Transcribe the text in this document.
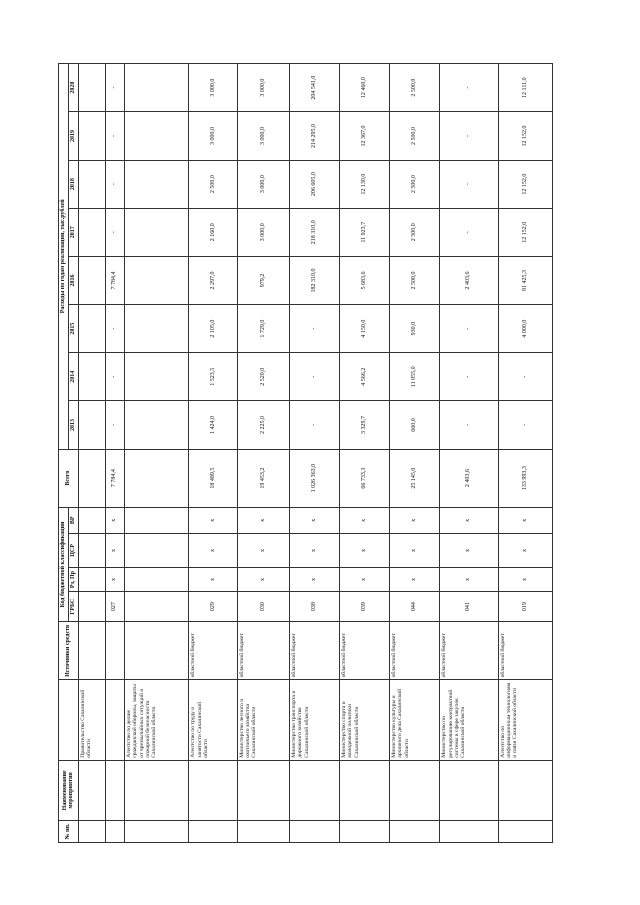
№ пп.	Наименование мероприятия		Источники средств	Код бюджетной классификации				Всего	Расходы по годам реализации, тыс.рублей							
				ГРБС	Рз, Пр	ЦСР	ВР		2013	2014	2015	2016	2017	2018	2019	2020
		Правительство Сахалинской области														
				027	х	х	х	7 784,4	-	-	-	7 784,4	-	-	-	-
		Агентство по делам гражданской обороны, защиты от чрезвычайных ситуаций и пожарной безопасности Сахалинской области														
		Агентство по труду и занятости Сахалинской области	областной бюджет	029	х	х	х	18 489,5	1 424,0	1 523,5	2 105,0	2 297,0	2 160,0	2 500,0	3 000,0	3 000,0
		Министерство лесного и охотничьего хозяйства Сахалинской области	областной бюджет	030	х	х	х	19 453,2	2 225,0	2 520,0	1 729,0	979,2	3 000,0	3 000,0	3 000,0	3 000,0
		Министерство транспорта и дорожного хозяйства Сахалинской области	областной бюджет	038	х	х	х	1 026 363,0	-	-	-	182 310,0	218 310,0	206 605,0	214 295,0	204 541,0
		Министерство спорта и молодежной политики Сахалинской области	областной бюджет	039	х	х	х	66 733,3	3 329,7	4 566,2	4 150,0	5 683,6	11 923,7	12 130,0	12 367,0	12 460,0
		Министерство культуры и архивного дела Сахалинской области	областной бюджет	044	х	х	х	25 145,0	660,0	11 055,0	930,0	2 500,0	2 500,0	2 500,0	2 500,0	2 500,0
		Министерство по регулированию контрактной системы в сфере закупок Сахалинской области	областной бюджет	041	х	х	х	2 403,6	-	-	-	2 403,6	-	-	-	-
		Агентство по информационным технологиям и связи Сахалинской области	областной бюджет	019	х	х	х	133 993,3	-	-	4 000,0	81 425,3	12 152,0	12 152,0	12 152,0	12 111,0
